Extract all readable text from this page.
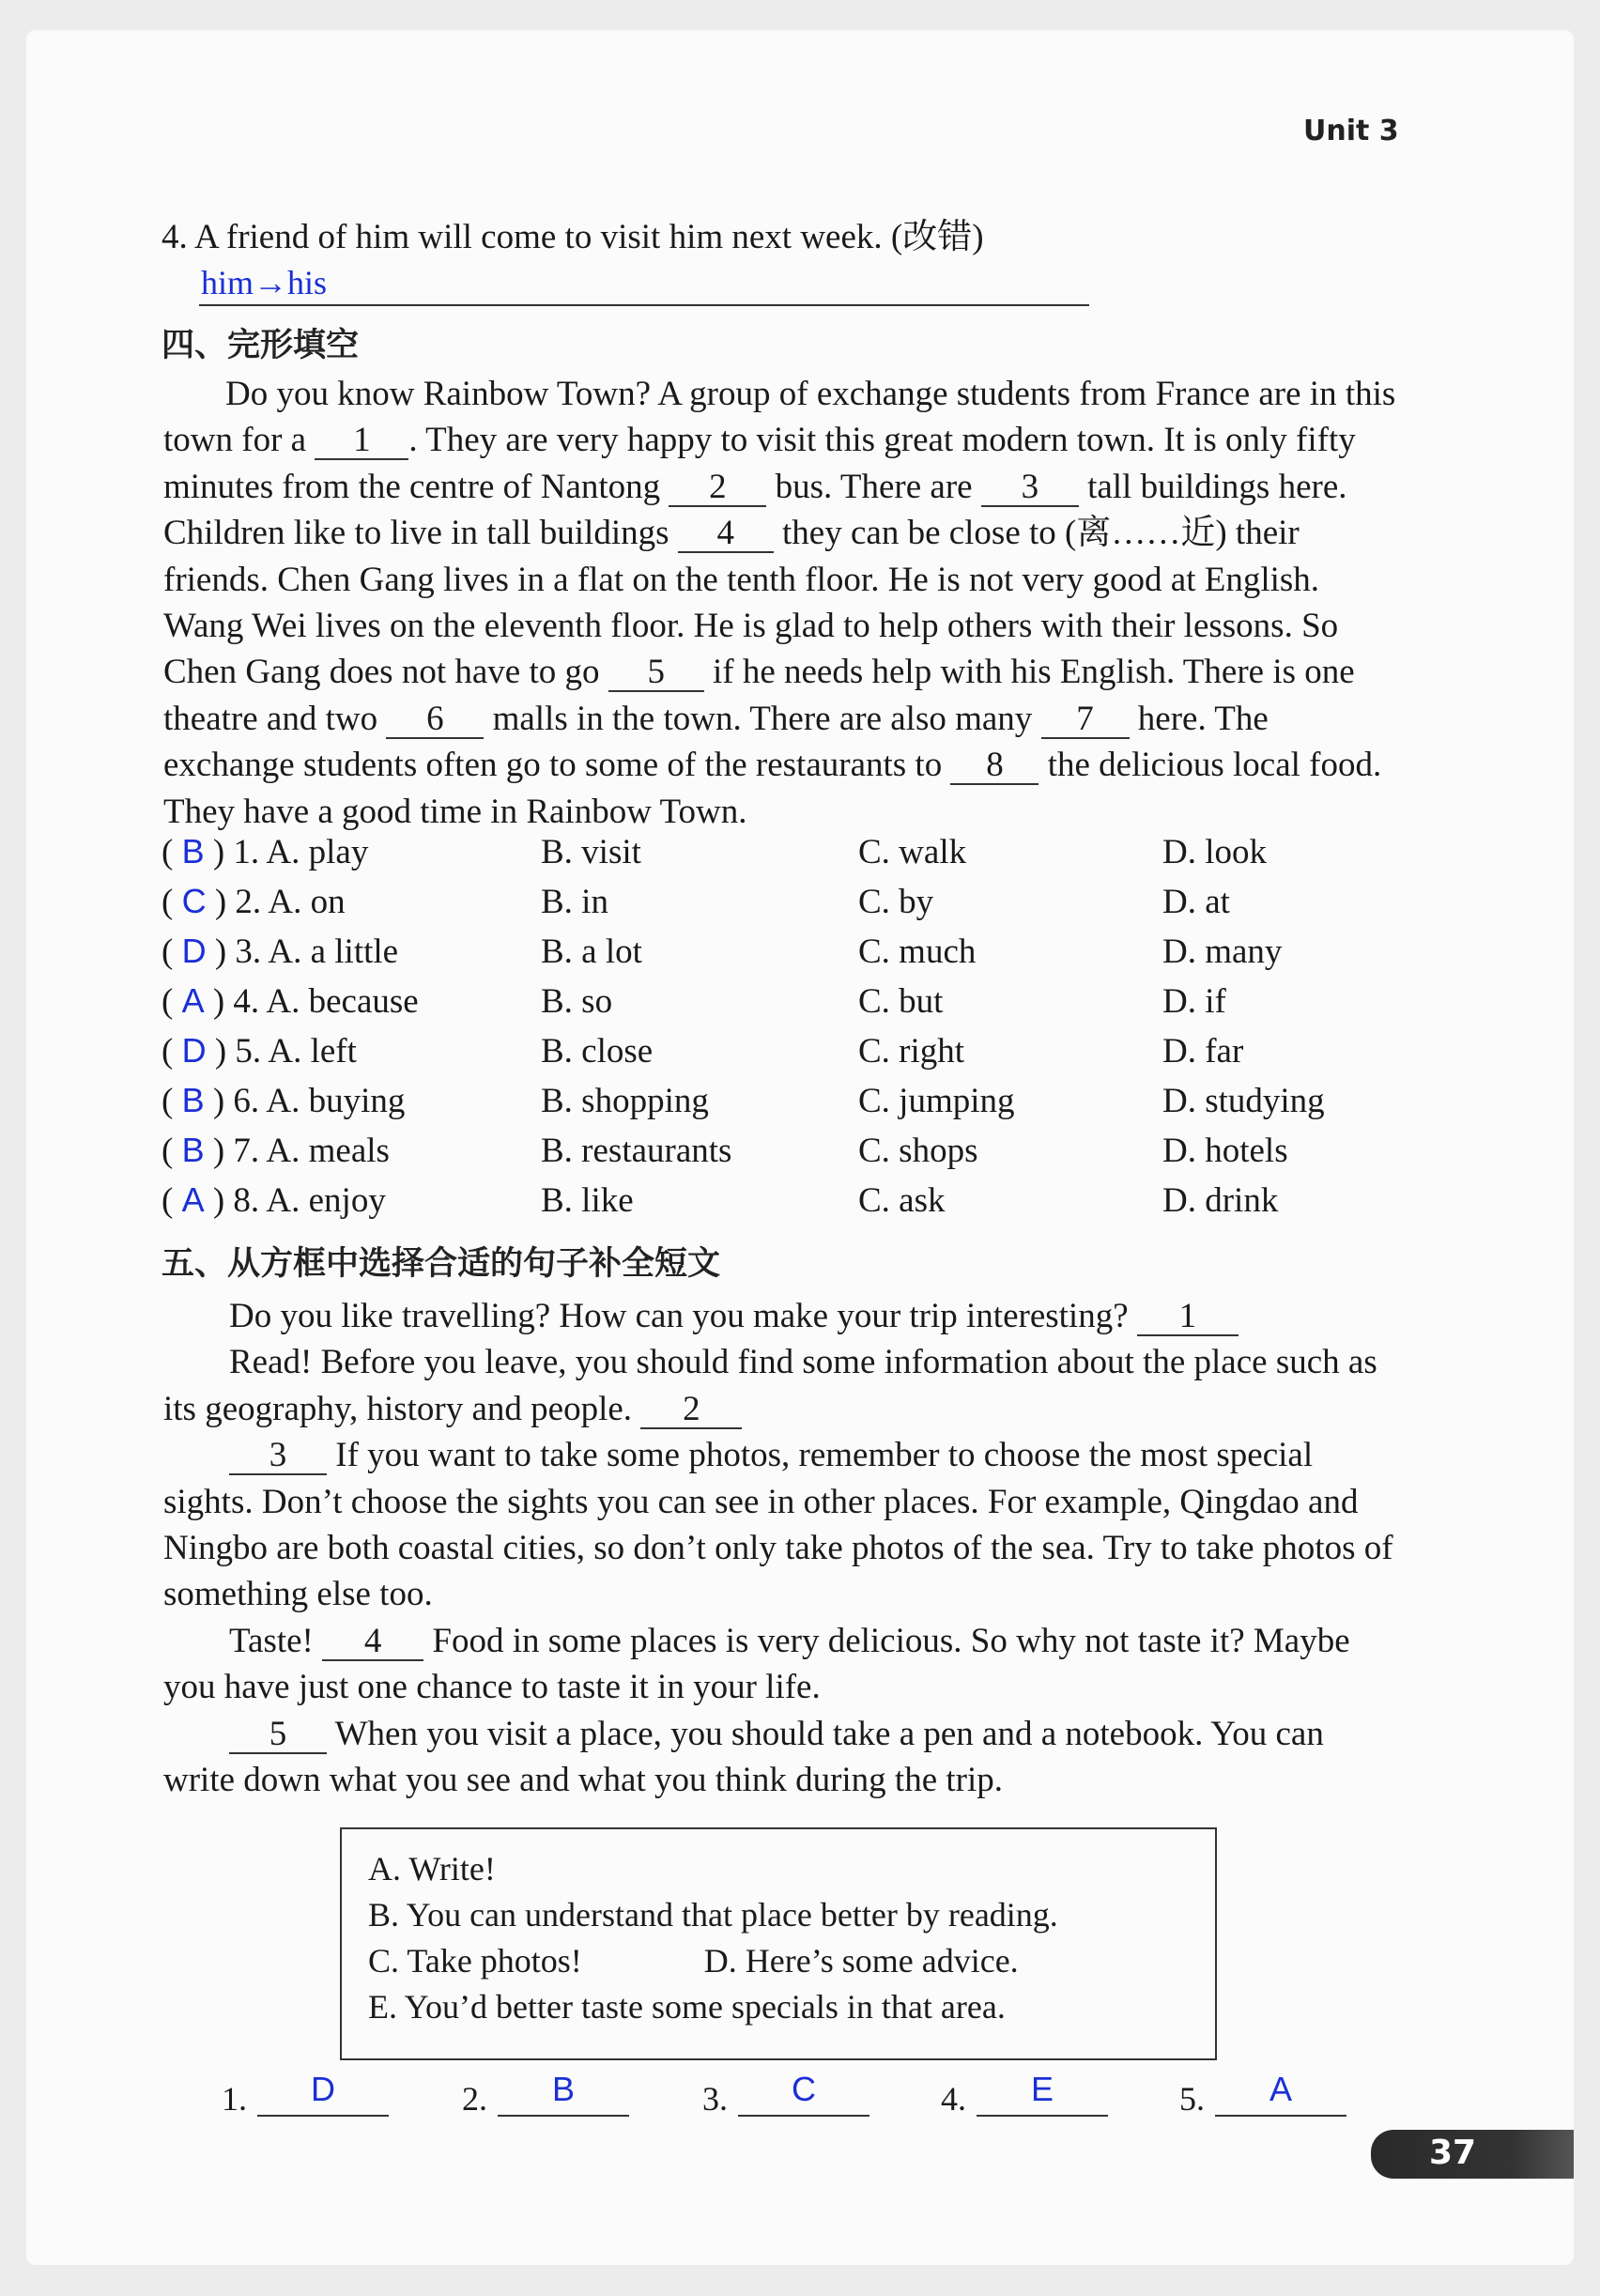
Unit 3
4. A friend of him will come to visit him next week. (改错)
him→his
四、完形填空

Do you know Rainbow Town? A group of exchange students from France are in this town for a 1 . They are very happy to visit this great modern town. It is only fifty minutes from the centre of Nantong 2 bus. There are 3 tall buildings here. Children like to live in tall buildings 4 they can be close to (离……近) their friends. Chen Gang lives in a flat on the tenth floor. He is not very good at English. Wang Wei lives on the eleventh floor. He is glad to help others with their lessons. So Chen Gang does not have to go 5 if he needs help with his English. There is one theatre and two 6 malls in the town. There are also many 7 here. The exchange students often go to some of the restaurants to 8 the delicious local food. They have a good time in Rainbow Town.

( B ) 1. A. play	B. visit	C. walk	D. look
( C ) 2. A. on	B. in	C. by	D. at
( D ) 3. A. a little	B. a lot	C. much	D. many
( A ) 4. A. because	B. so	C. but	D. if
( D ) 5. A. left	B. close	C. right	D. far
( B ) 6. A. buying	B. shopping	C. jumping	D. studying
( B ) 7. A. meals	B. restaurants	C. shops	D. hotels
( A ) 8. A. enjoy	B. like	C. ask	D. drink
五、从方框中选择合适的句子补全短文
Do you like travelling? How can you make your trip interesting? 1
Read! Before you leave, you should find some information about the place such as its geography, history and people. 2
3 If you want to take some photos, remember to choose the most special sights. Don’t choose the sights you can see in other places. For example, Qingdao and Ningbo are both coastal cities, so don’t only take photos of the sea. Try to take photos of something else too.
Taste! 4 Food in some places is very delicious. So why not taste it? Maybe you have just one chance to taste it in your life.
5 When you visit a place, you should take a pen and a notebook. You can write down what you see and what you think during the trip.
A. Write!
B. You can understand that place better by reading.
C. Take photos!	D. Here’s some advice.
E. You’d better taste some specials in that area.
1.	D	2.	B	3.	C	4.	E	5.	A
37
